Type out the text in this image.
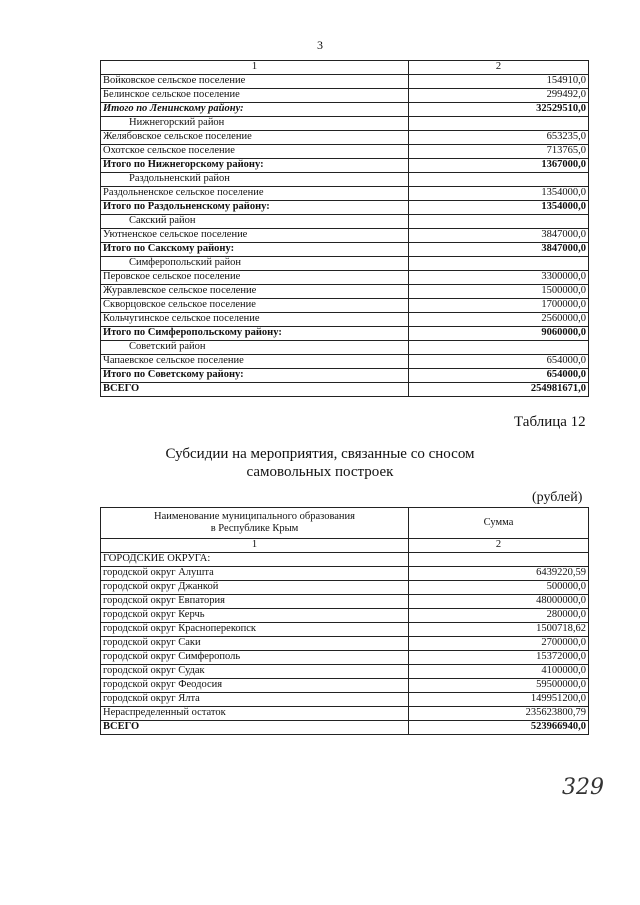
3
1	2
Войковское сельское поселение	154910,0
Белинское сельское поселение	299492,0
Итого по Ленинскому району:	32529510,0
Нижнегорский район	
Желябовское сельское поселение	653235,0
Охотское сельское поселение	713765,0
Итого по Нижнегорскому району:	1367000,0
Раздольненский район	
Раздольненское сельское поселение	1354000,0
Итого по Раздольненскому району:	1354000,0
Сакский район	
Уютненское сельское поселение	3847000,0
Итого по Сакскому району:	3847000,0
Симферопольский район	
Перовское сельское поселение	3300000,0
Журавлевское сельское поселение	1500000,0
Скворцовское сельское поселение	1700000,0
Кольчугинское сельское поселение	2560000,0
Итого по Симферопольскому району:	9060000,0
Советский район	
Чапаевское сельское поселение	654000,0
Итого по Советскому району:	654000,0
ВСЕГО	254981671,0
Таблица 12
Субсидии на мероприятия, связанные со сносом
самовольных построек
(рублей)
Наименование муниципального образования
в Республике Крым	Сумма
1	2
ГОРОДСКИЕ ОКРУГА:	
городской округ Алушта	6439220,59
городской округ Джанкой	500000,0
городской округ Евпатория	48000000,0
городской округ Керчь	280000,0
городской округ Красноперекопск	1500718,62
городской округ Саки	2700000,0
городской округ Симферополь	15372000,0
городской округ Судак	4100000,0
городской округ Феодосия	59500000,0
городской округ Ялта	149951200,0
Нераспределенный остаток	235623800,79
ВСЕГО	523966940,0
329
